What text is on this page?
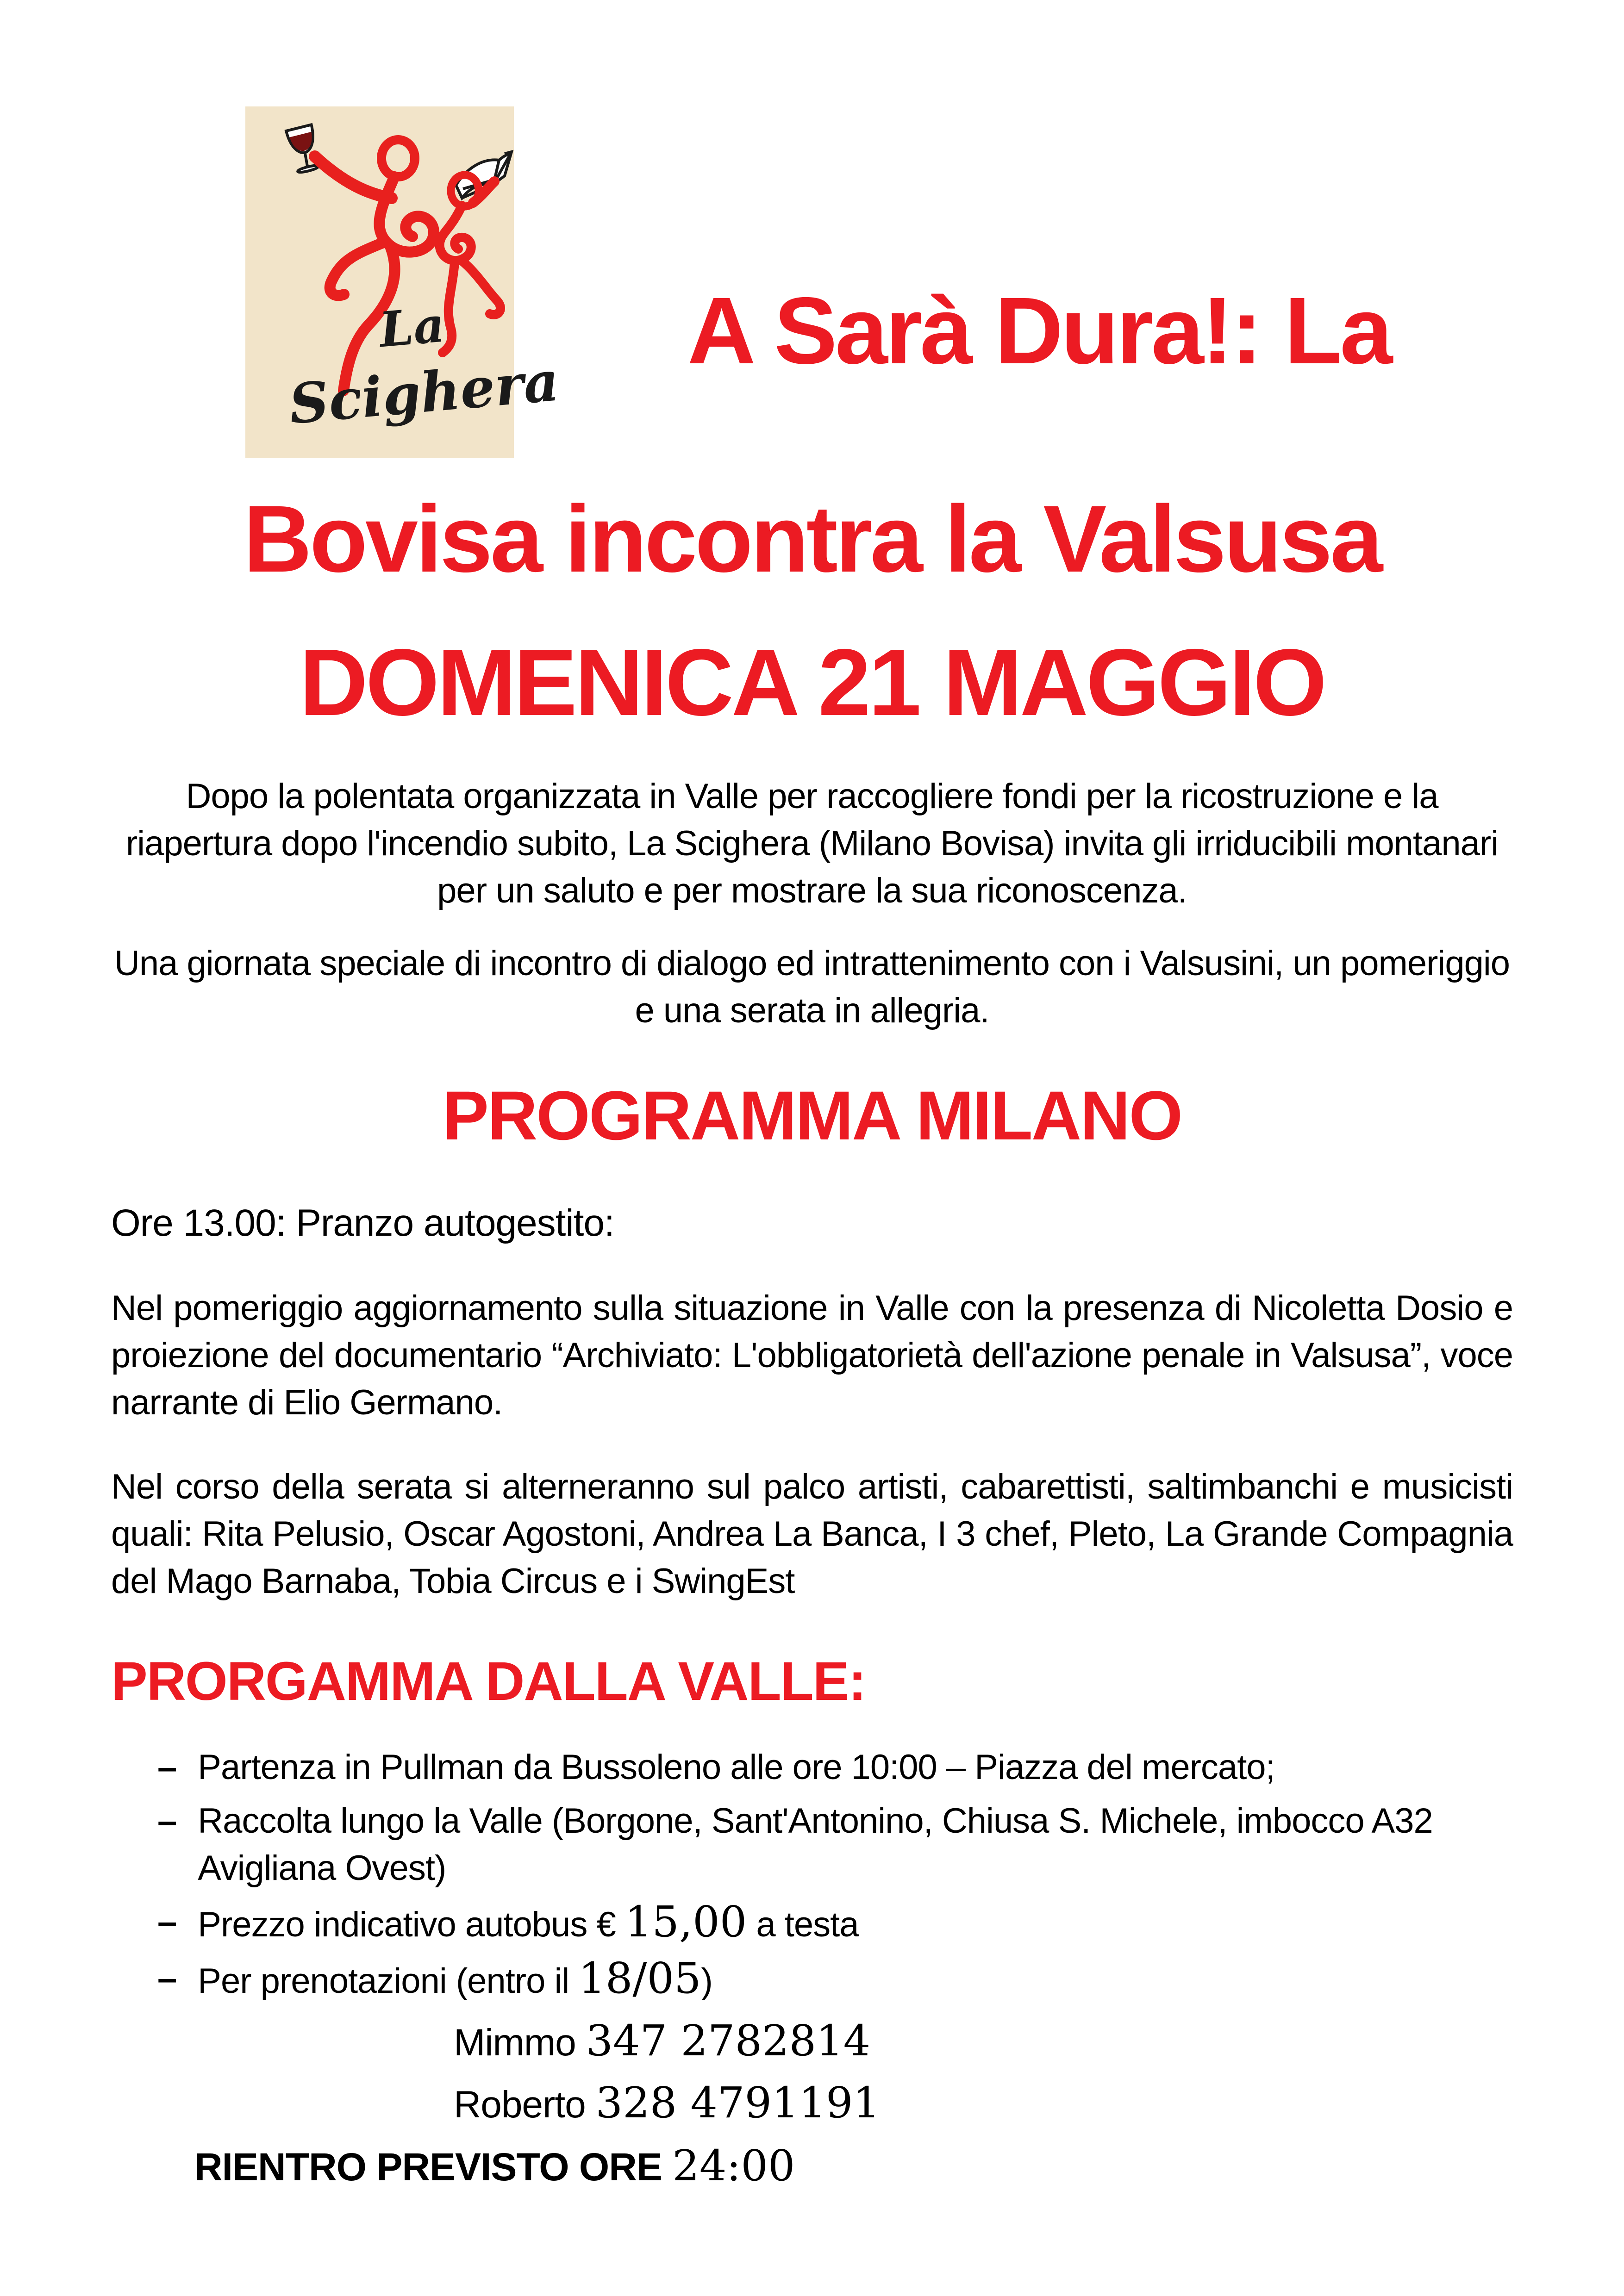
La
Scighera
A Sarà Dura!: La
Bovisa incontra la Valsusa
DOMENICA 21 MAGGIO
Dopo la polentata organizzata in Valle per raccogliere fondi per la ricostruzione e la riapertura dopo l'incendio subito, La Scighera (Milano Bovisa) invita gli irriducibili montanari per un saluto e per mostrare la sua riconoscenza.
Una giornata speciale di incontro di dialogo ed intrattenimento con i Valsusini, un pomeriggio e una serata in allegria.
PROGRAMMA MILANO
Ore 13.00: Pranzo autogestito:
Nel pomeriggio aggiornamento sulla situazione in Valle con la presenza di Nicoletta Dosio e proiezione del documentario “Archiviato: L'obbligatorietà dell'azione penale in Valsusa”, voce narrante di Elio Germano.
Nel corso della serata si alterneranno sul palco artisti, cabarettisti, saltimbanchi e musicisti quali: Rita Pelusio, Oscar Agostoni, Andrea La Banca, I 3 chef, Pleto, La Grande Compagnia del Mago Barnaba, Tobia Circus e i SwingEst
PRORGAMMA DALLA VALLE:
– Partenza in Pullman da Bussoleno alle ore 10:00 – Piazza del mercato;
– Raccolta lungo la Valle (Borgone, Sant'Antonino, Chiusa S. Michele, imbocco A32 Avigliana Ovest)
– Prezzo indicativo autobus € 15,00 a testa
– Per prenotazioni (entro il 18/05)
Mimmo 347 2782814
Roberto 328 4791191
RIENTRO PREVISTO ORE 24:00
